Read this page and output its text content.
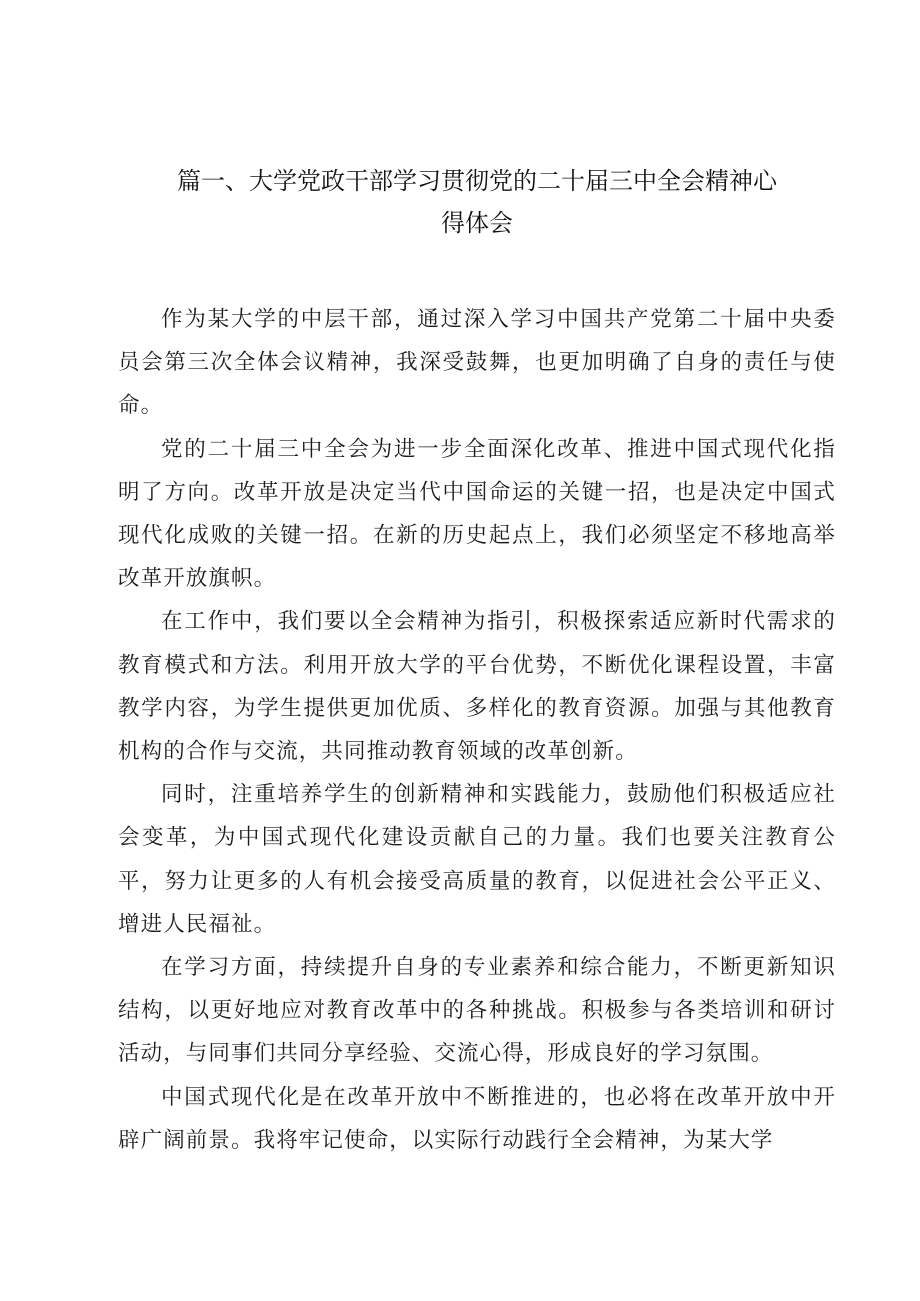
篇一、大学党政干部学习贯彻党的二十届三中全会精神心
得体会

作为某大学的中层干部，通过深入学习中国共产党第二十届中央委员会第三次全体会议精神，我深受鼓舞，也更加明确了自身的责任与使命。

党的二十届三中全会为进一步全面深化改革、推进中国式现代化指明了方向。改革开放是决定当代中国命运的关键一招，也是决定中国式现代化成败的关键一招。在新的历史起点上，我们必须坚定不移地高举改革开放旗帜。

在工作中，我们要以全会精神为指引，积极探索适应新时代需求的教育模式和方法。利用开放大学的平台优势，不断优化课程设置，丰富教学内容，为学生提供更加优质、多样化的教育资源。加强与其他教育机构的合作与交流，共同推动教育领域的改革创新。

同时，注重培养学生的创新精神和实践能力，鼓励他们积极适应社会变革，为中国式现代化建设贡献自己的力量。我们也要关注教育公平，努力让更多的人有机会接受高质量的教育，以促进社会公平正义、增进人民福祉。

在学习方面，持续提升自身的专业素养和综合能力，不断更新知识结构，以更好地应对教育改革中的各种挑战。积极参与各类培训和研讨活动，与同事们共同分享经验、交流心得，形成良好的学习氛围。

中国式现代化是在改革开放中不断推进的，也必将在改革开放中开辟广阔前景。我将牢记使命，以实际行动践行全会精神，为某大学
